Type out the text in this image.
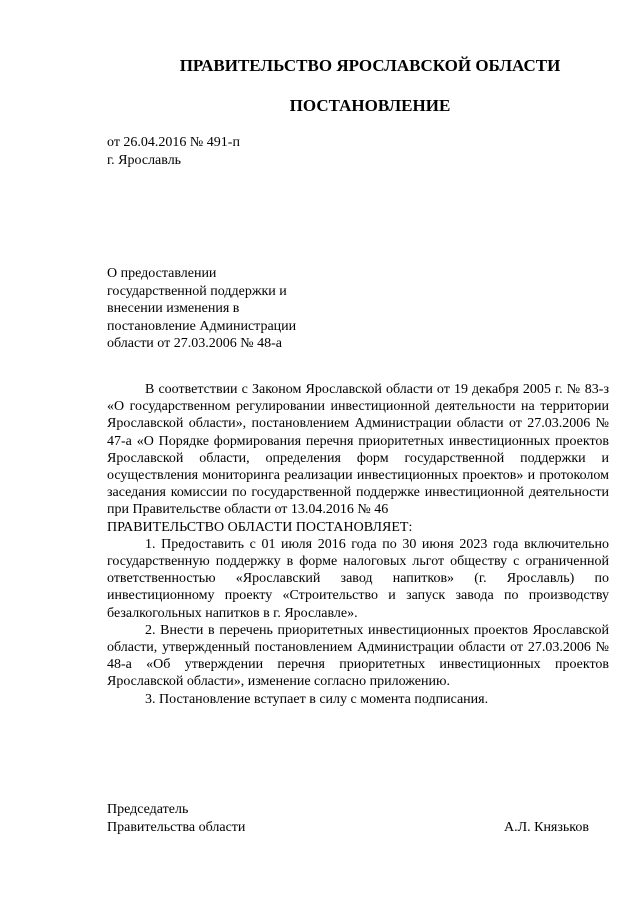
ПРАВИТЕЛЬСТВО ЯРОСЛАВСКОЙ ОБЛАСТИ
ПОСТАНОВЛЕНИЕ
от 26.04.2016 № 491-п
г. Ярославль
О предоставлении
государственной поддержки и
внесении изменения в
постановление Администрации
области от 27.03.2006 № 48-а

В соответствии с Законом Ярославской области от 19 декабря 2005 г. № 83-з «О государственном регулировании инвестиционной деятельности на территории Ярославской области», постановлением Администрации области от 27.03.2006 № 47-а «О Порядке формирования перечня приоритетных инвестиционных проектов Ярославской области, определения форм государственной поддержки и осуществления мониторинга реализации инвестиционных проектов» и протоколом заседания комиссии по государственной поддержке инвестиционной деятельности при Правительстве области от 13.04.2016 № 46

ПРАВИТЕЛЬСТВО ОБЛАСТИ ПОСТАНОВЛЯЕТ:

1. Предоставить с 01 июля 2016 года по 30 июня 2023 года включительно государственную поддержку в форме налоговых льгот обществу с ограниченной ответственностью «Ярославский завод напитков» (г. Ярославль) по инвестиционному проекту «Строительство и запуск завода по производству безалкогольных напитков в г. Ярославле».

2. Внести в перечень приоритетных инвестиционных проектов Ярославской области, утвержденный постановлением Администрации области от 27.03.2006 № 48-а «Об утверждении перечня приоритетных инвестиционных проектов Ярославской области», изменение согласно приложению.

3. Постановление вступает в силу с момента подписания.

Председатель
Правительства области	А.Л. Князьков
